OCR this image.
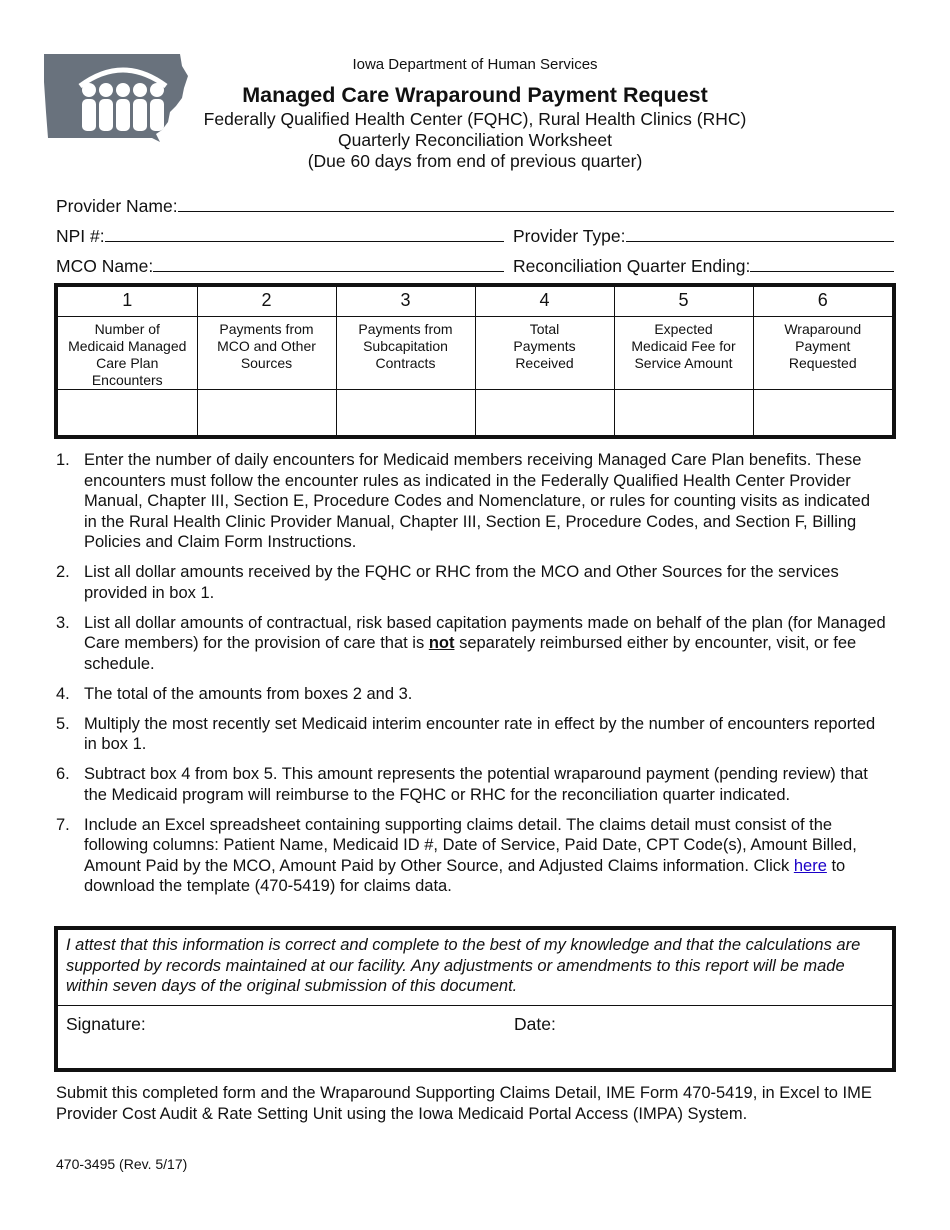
Iowa Department of Human Services
Managed Care Wraparound Payment Request
Federally Qualified Health Center (FQHC), Rural Health Clinics (RHC)
Quarterly Reconciliation Worksheet
(Due 60 days from end of previous quarter)
Provider Name:
NPI #:	Provider Type:
MCO Name:	Reconciliation Quarter Ending:
1	2	3	4	5	6
Number of Medicaid Managed Care Plan Encounters	Payments from MCO and Other Sources	Payments from Subcapitation Contracts	Total Payments Received	Expected Medicaid Fee for Service Amount	Wraparound Payment Requested

1. Enter the number of daily encounters for Medicaid members receiving Managed Care Plan benefits. These encounters must follow the encounter rules as indicated in the Federally Qualified Health Center Provider Manual, Chapter III, Section E, Procedure Codes and Nomenclature, or rules for counting visits as indicated in the Rural Health Clinic Provider Manual, Chapter III, Section E, Procedure Codes, and Section F, Billing Policies and Claim Form Instructions.
2. List all dollar amounts received by the FQHC or RHC from the MCO and Other Sources for the services provided in box 1.
3. List all dollar amounts of contractual, risk based capitation payments made on behalf of the plan (for Managed Care members) for the provision of care that is not separately reimbursed either by encounter, visit, or fee schedule.
4. The total of the amounts from boxes 2 and 3.
5. Multiply the most recently set Medicaid interim encounter rate in effect by the number of encounters reported in box 1.
6. Subtract box 4 from box 5. This amount represents the potential wraparound payment (pending review) that the Medicaid program will reimburse to the FQHC or RHC for the reconciliation quarter indicated.
7. Include an Excel spreadsheet containing supporting claims detail. The claims detail must consist of the following columns: Patient Name, Medicaid ID #, Date of Service, Paid Date, CPT Code(s), Amount Billed, Amount Paid by the MCO, Amount Paid by Other Source, and Adjusted Claims information. Click here to download the template (470-5419) for claims data.
I attest that this information is correct and complete to the best of my knowledge and that the calculations are supported by records maintained at our facility. Any adjustments or amendments to this report will be made within seven days of the original submission of this document.
Signature:	Date:
Submit this completed form and the Wraparound Supporting Claims Detail, IME Form 470-5419, in Excel to IME Provider Cost Audit & Rate Setting Unit using the Iowa Medicaid Portal Access (IMPA) System.
470-3495 (Rev. 5/17)
